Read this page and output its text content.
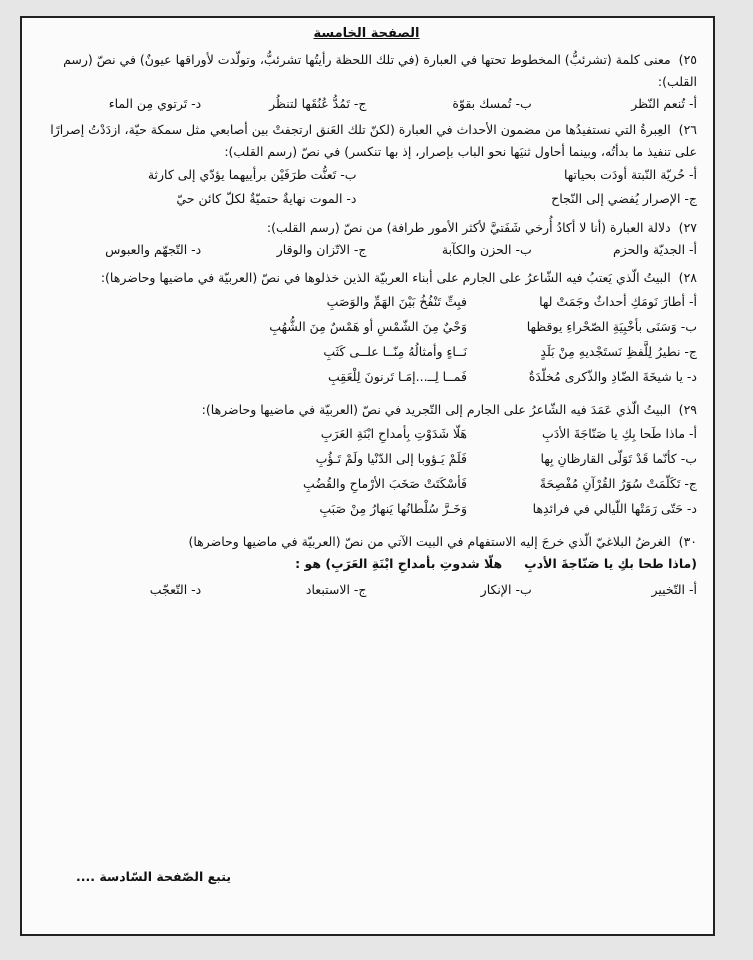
الصفحة الخامسة
٢٥) معنى كلمة (تشرئبُّ) المخطوط تحتها في العبارة (في تلك اللحظة رأيتُها تشرئبُّ، وتولّدت لأوراقها عيونٌ) في نصّ (رسم القلب):
أ- تُنعم النّظر
ب- تُمسك بقوّة
ج- تَمُدُّ عُنُقَها لتنظُر
د- تَرتوي مِن الماء
٢٦) العِبرةُ التي نستفيدُها من مضمون الأحداث في العبارة (لكنّ تلك العَنق ارتجفتْ بين أصابعي مثل سمكة حيّة، ازدَدْتُ إصرارًا على تنفيذ ما بدأتُه، وبينما أحاول ثنيَها نحو الباب بإصرار، إذ بها تنكسر) في نصّ (رسم القلب):
أ- حُريّة النّبتة أودَت بحياتها
ب- تَعنُّت طرَفَيْن برأييهما يؤدّي إلى كارثة
ج- الإصرار يُفضي إلى النّجاح
د- الموت نهايةٌ حتميّةٌ لكلّ كائن حيّ
٢٧) دلالة العبارة (أنا لا أكادُ أُرخي شَفَتيَّ لأكثر الأمور طرافة) من نصّ (رسم القلب):
أ- الجديّة والحزم
ب- الحزن والكآبة
ج- الاتّزان والوقار
د- التّجهّم والعبوس
٢٨) البيتُ الّذي يَعتبُ فيه الشّاعرُ على الجارم على أبناء العربيّة الذين خذلوها في نصّ (العربيّة في ماضيها وحاضرها):
أ- أطارَ نَومَكِ أحداثٌ وجَمَتْ لها
فبِتِّ تَنْفُخُ بَيْنَ الهَمِّ والوَصَبِ
ب- وَسَنَى بأخْبِيَةِ الصّحْراءِ يوقظها
وَحْيٌ مِنَ الشّمْسِ أو هَمْسٌ مِنَ الشُّهُبِ
ج- نطيرُ لِلَّفظِ نَستَجْديهِ مِنْ بَلَدٍ
نَــاءٍ وأمثالُهُ مِنّــا علــى كَثَبِ
د- يا شيخَةَ الضّادِ والذّكرى مُخلّدَةٌ
فَمــا لِــ...إمَـا تَرنونَ لِلْعَقِبِ
٢٩) البيتُ الّذي عَمَدَ فيه الشّاعرُ على الجارم إلى التّجريد في نصّ (العربيّة في ماضيها وحاضرها):
أ- ماذا طَحا بِكِ يا صَنّاجَةَ الأدَبِ
هَلّا شَدَوْتِ بِأمداحِ ابْنَةِ العَرَبِ
ب- كأنّما قَدْ تَوَلّى القارظانِ بِها
فَلَمْ يَـؤوبا إلى الدّنْيا ولَمْ تَـؤُبِ
ج- تَكَلّمَتْ سُوَرُ القُرْآنِ مُفْصِحَةً
فَأسْكَتَتْ صَخَبَ الأرْماحِ والقُضُبِ
د- حَتّى رَمَتْها اللّيالي في فرائدِها
وَخَـرَّ سُلْطانُها يَنهارُ مِنْ صَبَبِ
٣٠) الغرضُ البلاغيّ الّذي خرجَ إليه الاستفهام في البيت الآتي من نصّ (العربيّة في ماضيها وحاضرها)
(ماذا طحا بكِ يا صَنّاجةَ الأدبِ
هلّا شدوتِ بأمداحِ ابْنَةِ العَرَبِ) هو :
أ- التّخيير
ب- الإنكار
ج- الاستبعاد
د- التّعجّب
يتبع الصّفحة السّادسة ....
